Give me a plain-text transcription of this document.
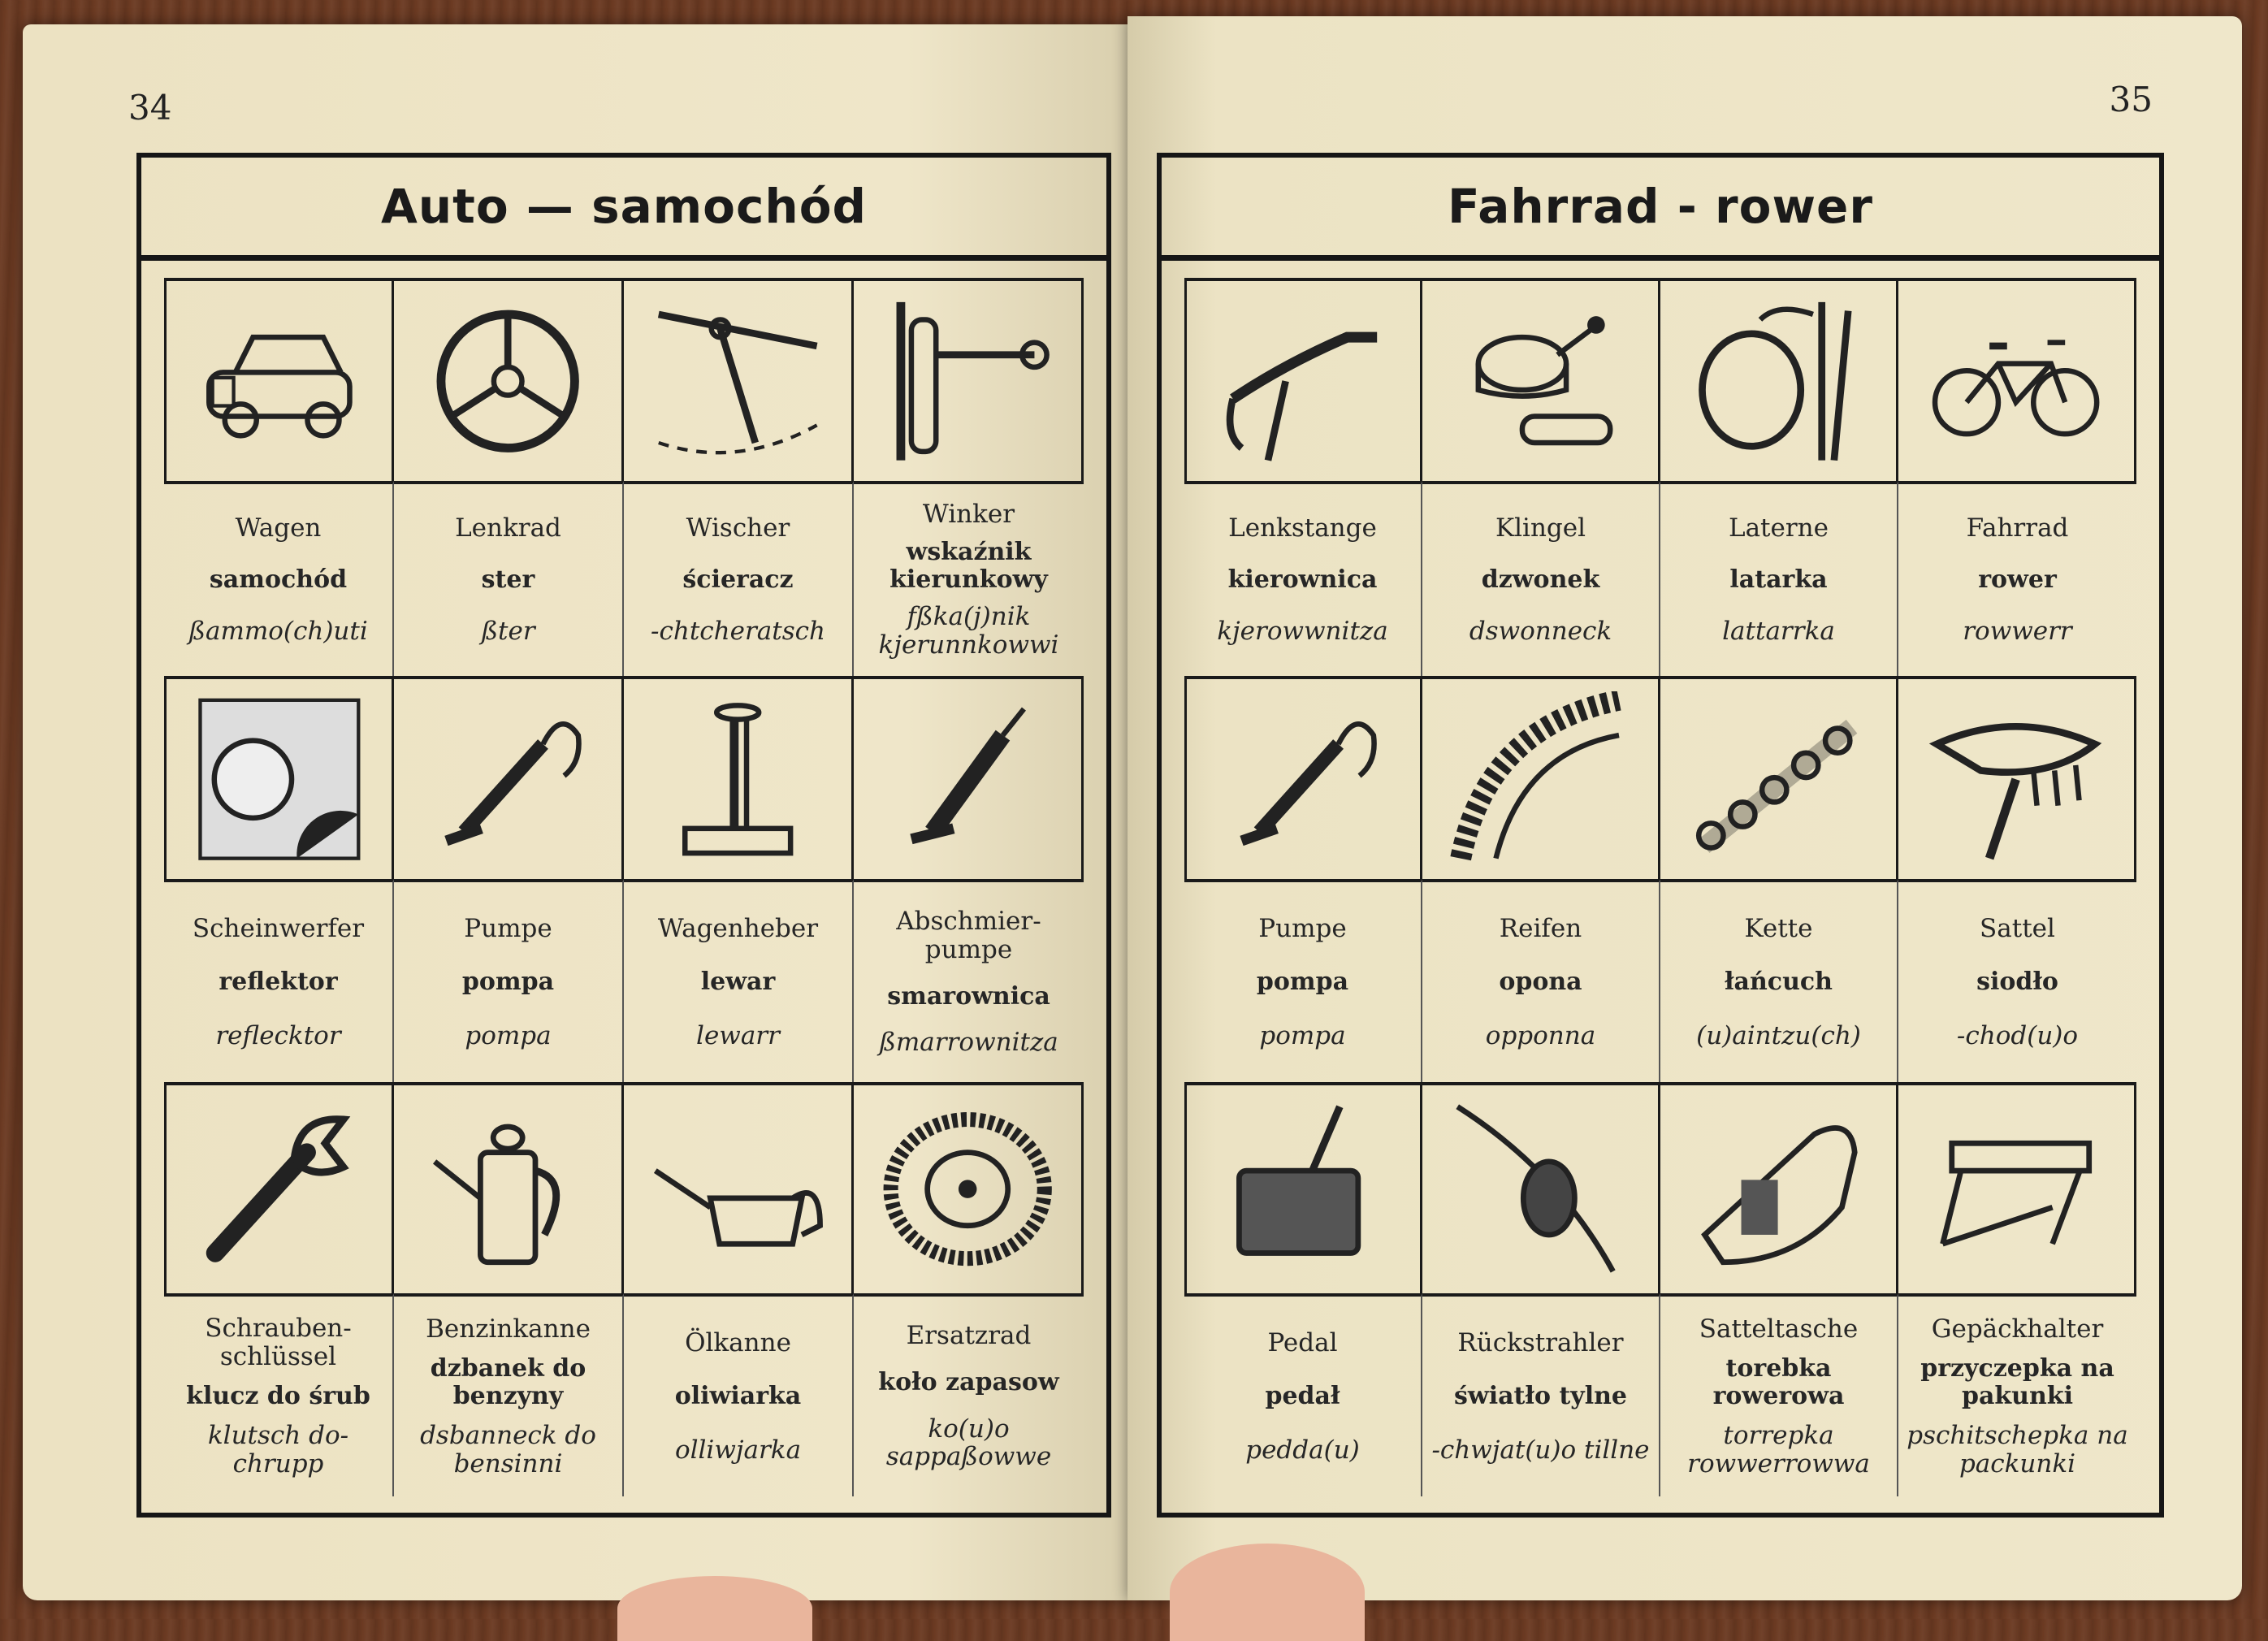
34
Auto — samochód
Wagen
samochód
ßammo(ch)uti
Lenkrad
ster
ßter
Wischer
ścieracz
-chtcheratsch
Winker
wskaźnik kierunkowy
fßka(j)nik kjerunnkowwi
Scheinwerfer
reflektor
reflecktor
Pumpe
pompa
pompa
Wagenheber
lewar
lewarr
Abschmier-pumpe
smarownica
ßmarrownitza
Schrauben-schlüssel
klucz do śrub
klutsch do-chrupp
Benzinkanne
dzbanek do benzyny
dsbanneck do bensinni
Ölkanne
oliwiarka
olliwjarka
Ersatzrad
koło zapasow
ko(u)o sappaßowwe
35
Fahrrad - rower
Lenkstange
kierownica
kjerowwnitza
Klingel
dzwonek
dswonneck
Laterne
latarka
lattarrka
Fahrrad
rower
rowwerr
Pumpe
pompa
pompa
Reifen
opona
opponna
Kette
łańcuch
(u)aintzu(ch)
Sattel
siodło
-chod(u)o
Pedal
pedał
pedda(u)
Rückstrahler
światło tylne
-chwjat(u)o tillne
Satteltasche
torebka rowerowa
torrepka rowwerrowwa
Gepäckhalter
przyczepka na pakunki
pschitschepka na packunki
